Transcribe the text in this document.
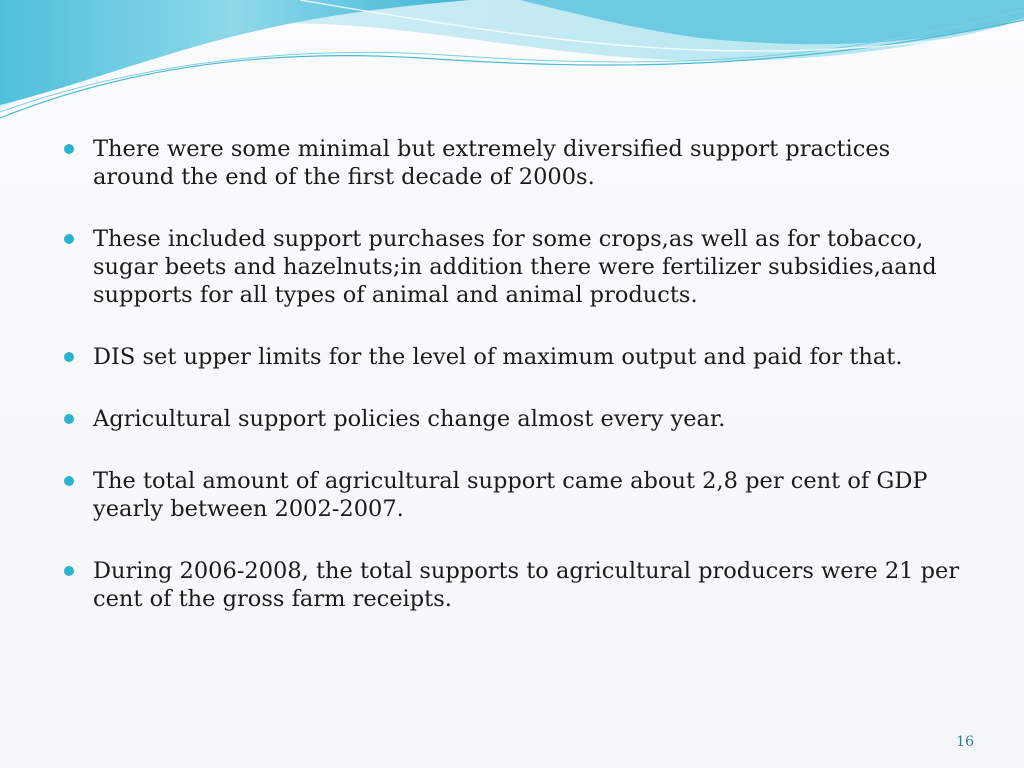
There were some minimal but extremely diversified support practices around the end of the first decade of 2000s.
These included support purchases for some crops,as well as for tobacco, sugar beets and hazelnuts;in addition there were fertilizer subsidies,aand supports for all types of animal and animal products.
DIS set upper limits for the level of maximum output and paid for that.
Agricultural support policies change almost every year.
The total amount of agricultural support came about 2,8 per cent of GDP yearly between 2002-2007.
During 2006-2008, the total supports to agricultural producers were 21 per cent of the gross farm receipts.
16
